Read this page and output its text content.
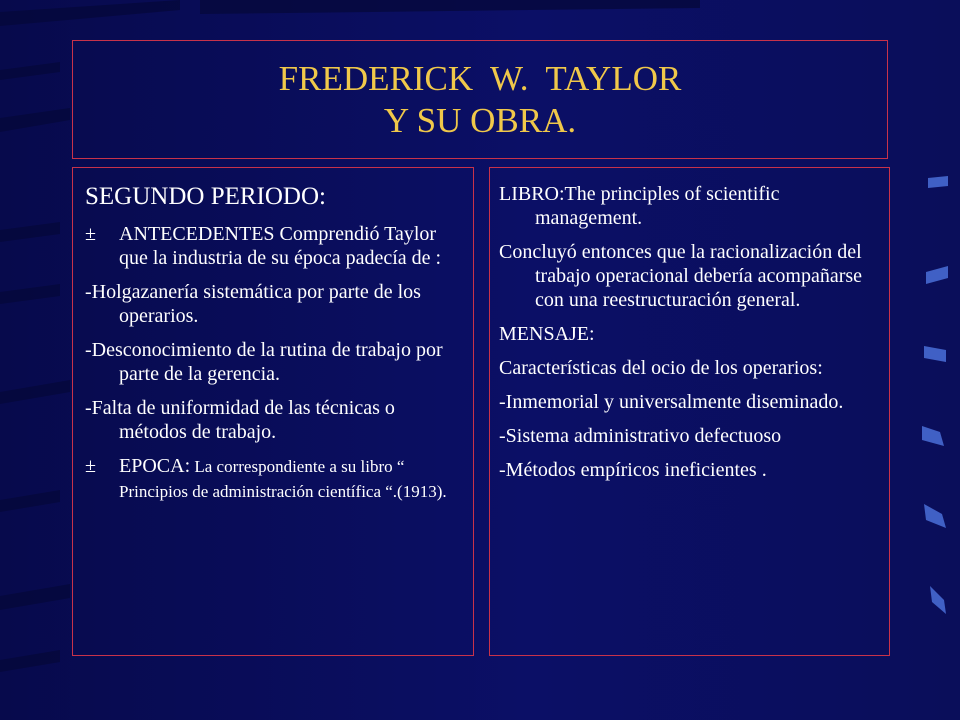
FREDERICK  W.  TAYLOR
Y SU OBRA.
SEGUNDO PERIODO:
± ANTECEDENTES Comprendió Taylor que la industria de su época padecía de :
-Holgazanería sistemática por parte de los operarios.
-Desconocimiento de la rutina de trabajo por parte de la gerencia.
-Falta de uniformidad de las técnicas o métodos de trabajo.
± EPOCA: La correspondiente a su libro “ Principios de administración científica “.(1913).
LIBRO:The principles of scientific management.
Concluyó entonces que la racionalización del trabajo operacional debería acompañarse con una reestructuración general.
MENSAJE:
Características del ocio de los operarios:
-Inmemorial y universalmente diseminado.
-Sistema administrativo defectuoso
-Métodos empíricos ineficientes .
